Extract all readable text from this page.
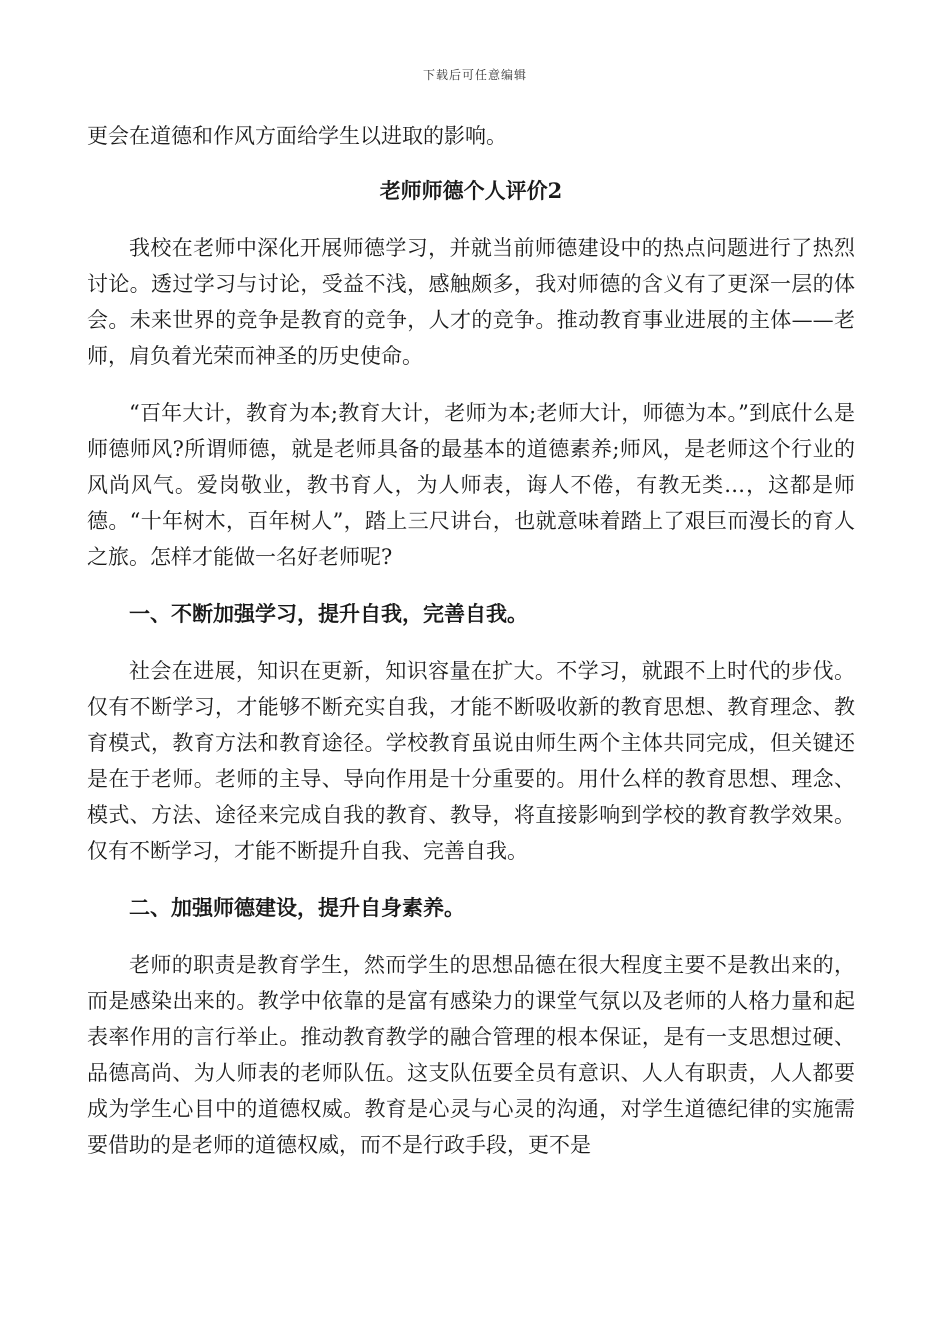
下载后可任意编辑

更会在道德和作风方面给学生以进取的影响。

老师师德个人评价2

我校在老师中深化开展师德学习，并就当前师德建设中的热点问题进行了热烈讨论。透过学习与讨论，受益不浅，感触颇多，我对师德的含义有了更深一层的体会。未来世界的竞争是教育的竞争，人才的竞争。推动教育事业进展的主体——老师，肩负着光荣而神圣的历史使命。

“百年大计，教育为本;教育大计，老师为本;老师大计，师德为本。”到底什么是师德师风?所谓师德，就是老师具备的最基本的道德素养;师风，是老师这个行业的风尚风气。爱岗敬业，教书育人，为人师表，诲人不倦，有教无类…，这都是师德。“十年树木，百年树人”，踏上三尺讲台，也就意味着踏上了艰巨而漫长的育人之旅。怎样才能做一名好老师呢?

一、不断加强学习，提升自我，完善自我。

社会在进展，知识在更新，知识容量在扩大。不学习，就跟不上时代的步伐。仅有不断学习，才能够不断充实自我，才能不断吸收新的教育思想、教育理念、教育模式，教育方法和教育途径。学校教育虽说由师生两个主体共同完成，但关键还是在于老师。老师的主导、导向作用是十分重要的。用什么样的教育思想、理念、模式、方法、途径来完成自我的教育、教导，将直接影响到学校的教育教学效果。仅有不断学习，才能不断提升自我、完善自我。

二、加强师德建设，提升自身素养。

老师的职责是教育学生，然而学生的思想品德在很大程度主要不是教出来的，而是感染出来的。教学中依靠的是富有感染力的课堂气氛以及老师的人格力量和起表率作用的言行举止。推动教育教学的融合管理的根本保证，是有一支思想过硬、品德高尚、为人师表的老师队伍。这支队伍要全员有意识、人人有职责，人人都要成为学生心目中的道德权威。教育是心灵与心灵的沟通，对学生道德纪律的实施需要借助的是老师的道德权威，而不是行政手段，更不是
